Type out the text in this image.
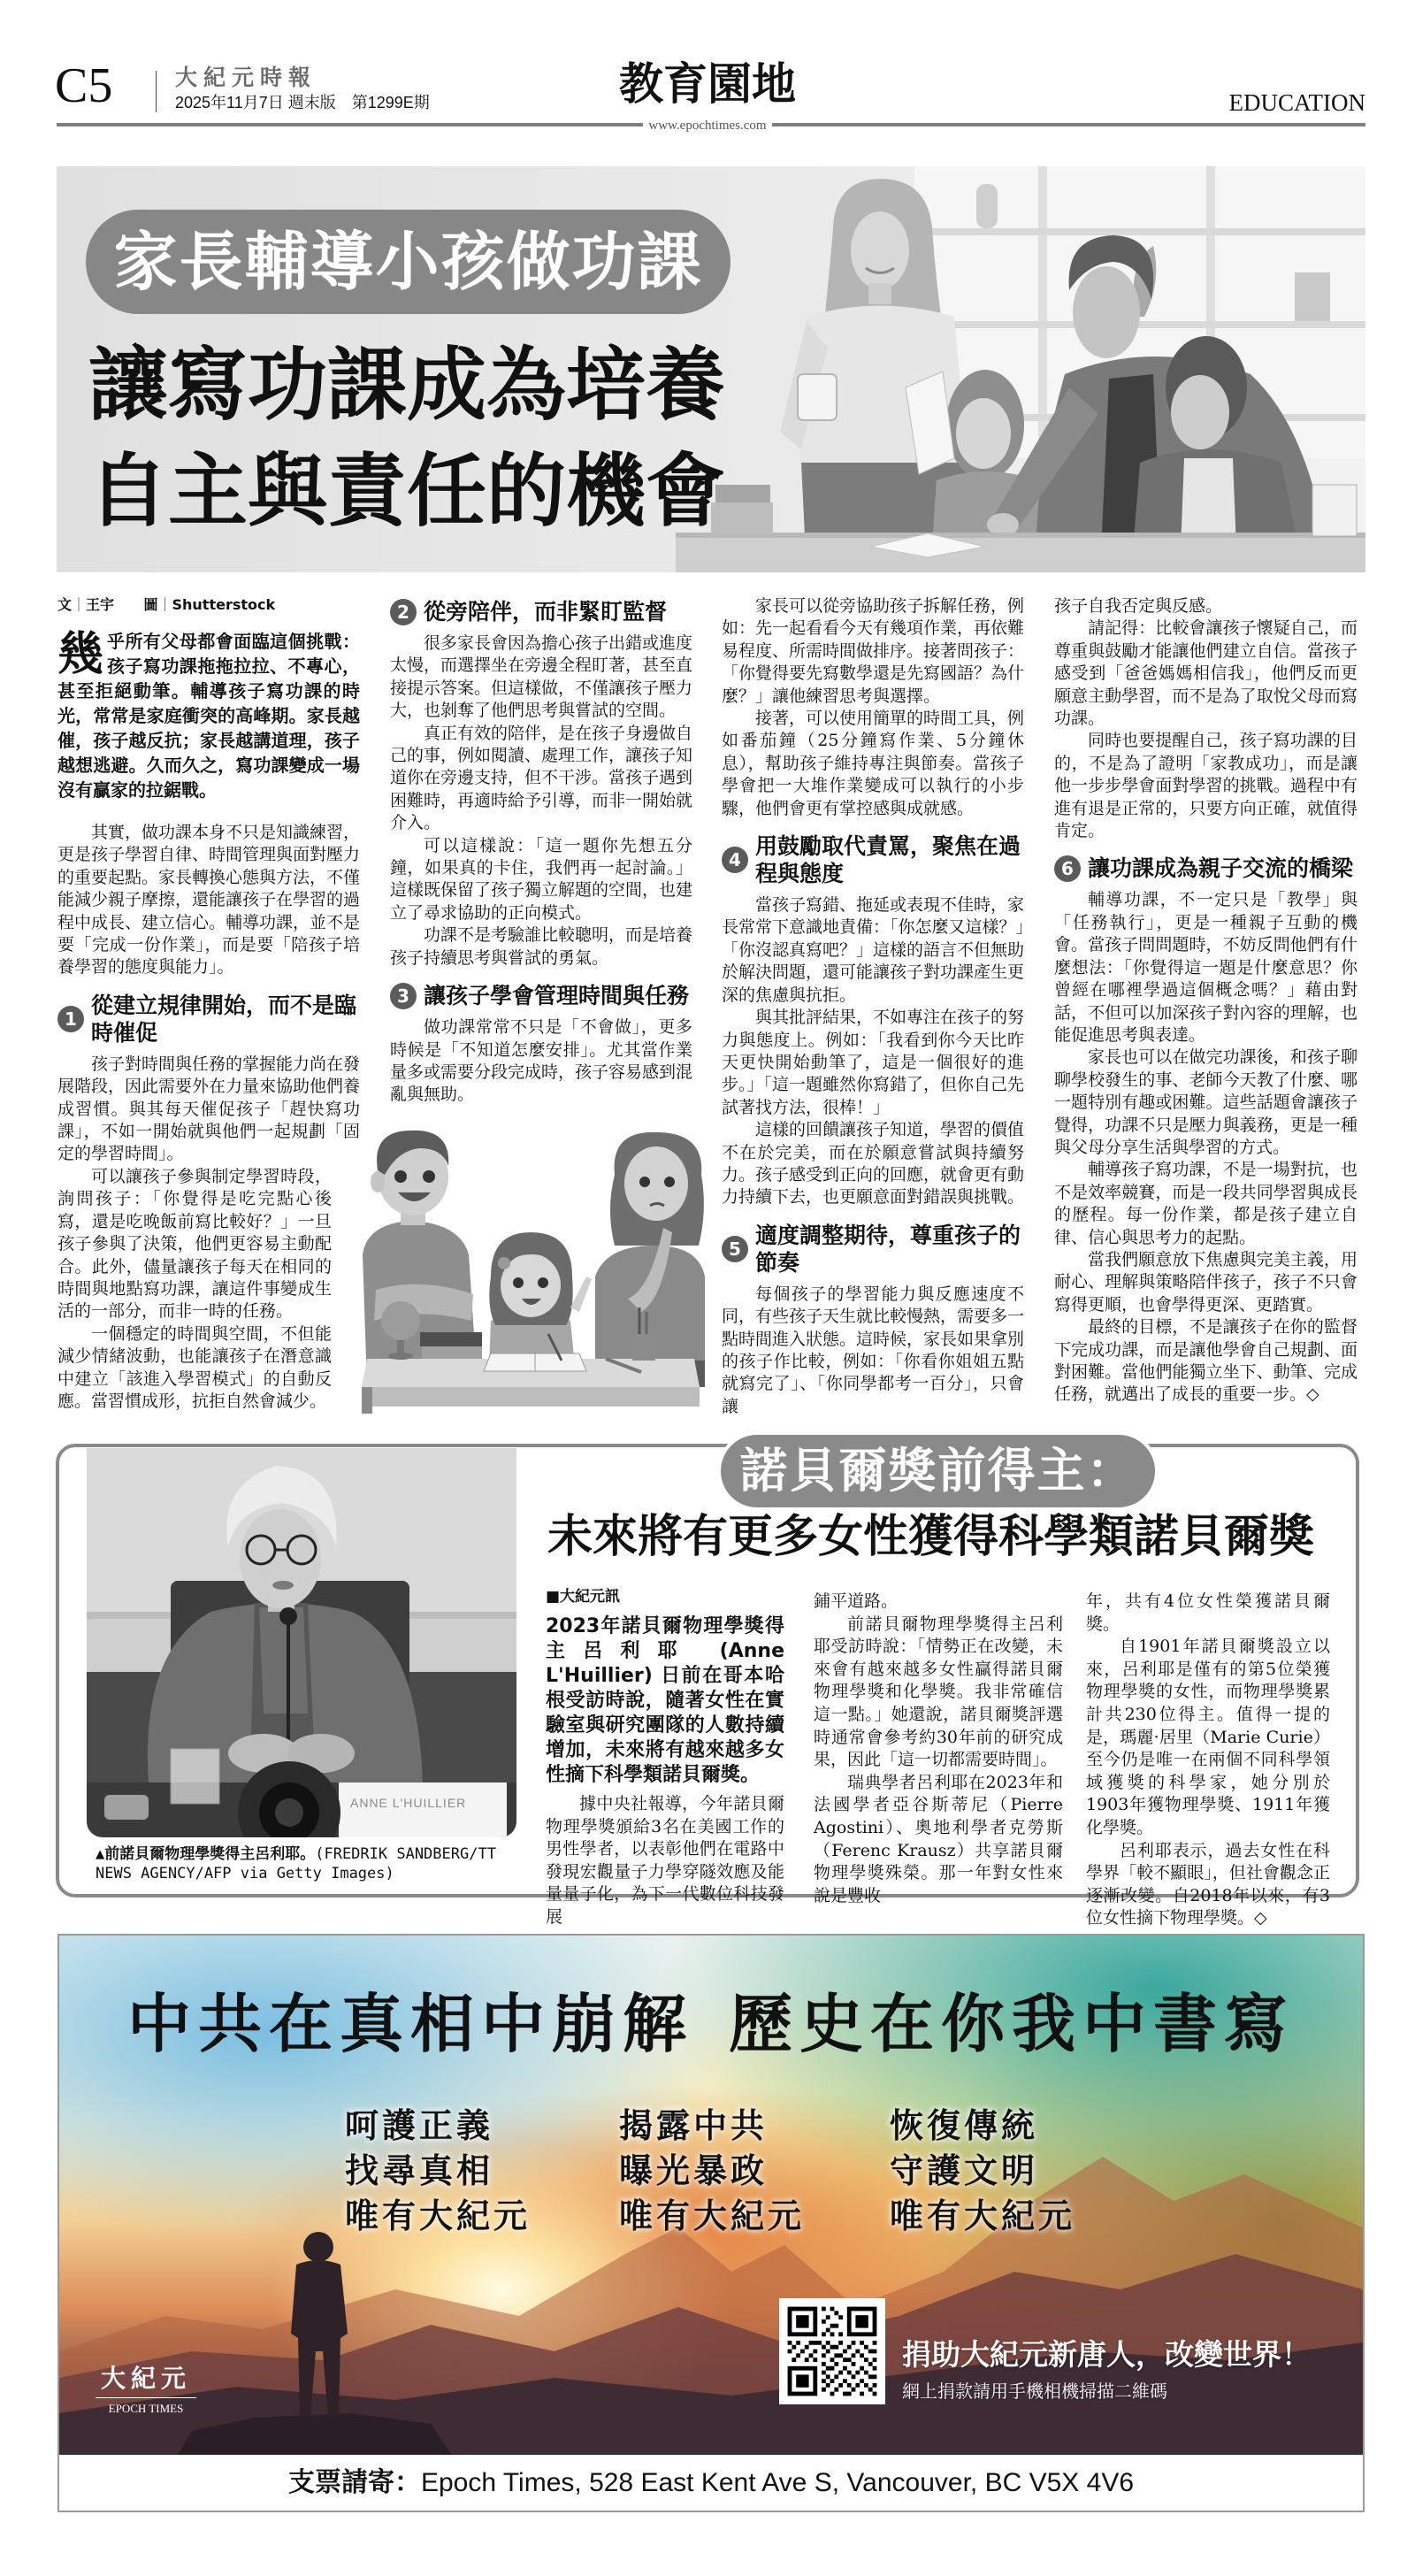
C5	大紀元時報
2025年11月7日 週末版　第1299E期	教育園地	EDUCATION
www.epochtimes.com
家長輔導小孩做功課
讓寫功課成為培養
自主與責任的機會
文｜王宇 圖｜Shutterstock

幾乎所有父母都會面臨這個挑戰：孩子寫功課拖拖拉拉、不專心，甚至拒絕動筆。輔導孩子寫功課的時光，常常是家庭衝突的高峰期。家長越催，孩子越反抗；家長越講道理，孩子越想逃避。久而久之，寫功課變成一場沒有贏家的拉鋸戰。

其實，做功課本身不只是知識練習，更是孩子學習自律、時間管理與面對壓力的重要起點。家長轉換心態與方法，不僅能減少親子摩擦，還能讓孩子在學習的過程中成長、建立信心。輔導功課，並不是要「完成一份作業」，而是要「陪孩子培養學習的態度與能力」。

1
從建立規律開始，而不是臨時催促

孩子對時間與任務的掌握能力尚在發展階段，因此需要外在力量來協助他們養成習慣。與其每天催促孩子「趕快寫功課」，不如一開始就與他們一起規劃「固定的學習時間」。

可以讓孩子參與制定學習時段，詢問孩子：「你覺得是吃完點心後寫，還是吃晚飯前寫比較好？」一旦孩子參與了決策，他們更容易主動配合。此外，儘量讓孩子每天在相同的時間與地點寫功課，讓這件事變成生活的一部分，而非一時的任務。

一個穩定的時間與空間，不但能減少情緒波動，也能讓孩子在潛意識中建立「該進入學習模式」的自動反應。當習慣成形，抗拒自然會減少。

2 從旁陪伴，而非緊盯監督

很多家長會因為擔心孩子出錯或進度太慢，而選擇坐在旁邊全程盯著，甚至直接提示答案。但這樣做，不僅讓孩子壓力大，也剝奪了他們思考與嘗試的空間。

真正有效的陪伴，是在孩子身邊做自己的事，例如閱讀、處理工作，讓孩子知道你在旁邊支持，但不干涉。當孩子遇到困難時，再適時給予引導，而非一開始就介入。

可以這樣說：「這一題你先想五分鐘，如果真的卡住，我們再一起討論。」這樣既保留了孩子獨立解題的空間，也建立了尋求協助的正向模式。

功課不是考驗誰比較聰明，而是培養孩子持續思考與嘗試的勇氣。

3 讓孩子學會管理時間與任務

做功課常常不只是「不會做」，更多時候是「不知道怎麼安排」。尤其當作業量多或需要分段完成時，孩子容易感到混亂與無助。

家長可以從旁協助孩子拆解任務，例如：先一起看看今天有幾項作業，再依難易程度、所需時間做排序。接著問孩子：「你覺得要先寫數學還是先寫國語？為什麼？」讓他練習思考與選擇。

接著，可以使用簡單的時間工具，例如番茄鐘（25分鐘寫作業、5分鐘休息），幫助孩子維持專注與節奏。當孩子學會把一大堆作業變成可以執行的小步驟，他們會更有掌控感與成就感。

4
用鼓勵取代責罵，聚焦在過程與態度

當孩子寫錯、拖延或表現不佳時，家長常常下意識地責備：「你怎麼又這樣？」「你沒認真寫吧？」這樣的語言不但無助於解決問題，還可能讓孩子對功課產生更深的焦慮與抗拒。

與其批評結果，不如專注在孩子的努力與態度上。例如：「我看到你今天比昨天更快開始動筆了，這是一個很好的進步。」「這一題雖然你寫錯了，但你自己先試著找方法，很棒！」

這樣的回饋讓孩子知道，學習的價值不在於完美，而在於願意嘗試與持續努力。孩子感受到正向的回應，就會更有動力持續下去，也更願意面對錯誤與挑戰。

5
適度調整期待，尊重孩子的節奏

每個孩子的學習能力與反應速度不同，有些孩子天生就比較慢熱，需要多一點時間進入狀態。這時候，家長如果拿別的孩子作比較，例如：「你看你姐姐五點就寫完了」、「你同學都考一百分」，只會讓

孩子自我否定與反感。

請記得：比較會讓孩子懷疑自己，而尊重與鼓勵才能讓他們建立自信。當孩子感受到「爸爸媽媽相信我」，他們反而更願意主動學習，而不是為了取悅父母而寫功課。

同時也要提醒自己，孩子寫功課的目的，不是為了證明「家教成功」，而是讓他一步步學會面對學習的挑戰。過程中有進有退是正常的，只要方向正確，就值得肯定。

6 讓功課成為親子交流的橋梁

輔導功課，不一定只是「教學」與「任務執行」，更是一種親子互動的機會。當孩子問問題時，不妨反問他們有什麼想法：「你覺得這一題是什麼意思？你曾經在哪裡學過這個概念嗎？」藉由對話，不但可以加深孩子對內容的理解，也能促進思考與表達。

家長也可以在做完功課後，和孩子聊聊學校發生的事、老師今天教了什麼、哪一題特別有趣或困難。這些話題會讓孩子覺得，功課不只是壓力與義務，更是一種與父母分享生活與學習的方式。

輔導孩子寫功課，不是一場對抗，也不是效率競賽，而是一段共同學習與成長的歷程。每一份作業，都是孩子建立自律、信心與思考力的起點。

當我們願意放下焦慮與完美主義，用耐心、理解與策略陪伴孩子，孩子不只會寫得更順，也會學得更深、更踏實。

最終的目標，不是讓孩子在你的監督下完成功課，而是讓他學會自己規劃、面對困難。當他們能獨立坐下、動筆、完成任務，就邁出了成長的重要一步。◇

諾貝爾獎前得主：
未來將有更多女性獲得科學類諾貝爾獎
ANNE L'HUILLIER
▲前諾貝爾物理學獎得主呂利耶。(FREDRIK SANDBERG/TT NEWS AGENCY/AFP via Getty Images)
■大紀元訊

2023年諾貝爾物理學獎得主呂利耶 (Anne L'Huillier) 日前在哥本哈根受訪時說，隨著女性在實驗室與研究團隊的人數持續增加，未來將有越來越多女性摘下科學類諾貝爾獎。

據中央社報導，今年諾貝爾物理學獎頒給3名在美國工作的男性學者，以表彰他們在電路中發現宏觀量子力學穿隧效應及能量量子化，為下一代數位科技發展

鋪平道路。

前諾貝爾物理學獎得主呂利耶受訪時說：「情勢正在改變，未來會有越來越多女性贏得諾貝爾物理學獎和化學獎。我非常確信這一點。」她還說，諾貝爾獎評選時通常會參考約30年前的研究成果，因此「這一切都需要時間」。

瑞典學者呂利耶在2023年和法國學者亞谷斯蒂尼（Pierre Agostini）、奧地利學者克勞斯（Ferenc Krausz）共享諾貝爾物理學獎殊榮。那一年對女性來說是豐收

年，共有4位女性榮獲諾貝爾獎。

自1901年諾貝爾獎設立以來，呂利耶是僅有的第5位榮獲物理學獎的女性，而物理學獎累計共230位得主。值得一提的是，瑪麗·居里（Marie Curie）至今仍是唯一在兩個不同科學領域獲獎的科學家，她分別於1903年獲物理學獎、1911年獲化學獎。

呂利耶表示，過去女性在科學界「較不顯眼」，但社會觀念正逐漸改變。自2018年以來，有3位女性摘下物理學獎。◇

中共在真相中崩解 歷史在你我中書寫
呵護正義
找尋真相
唯有大紀元
揭露中共
曝光暴政
唯有大紀元
恢復傳統
守護文明
唯有大紀元
大紀元
EPOCH TIMES
捐助大紀元新唐人，改變世界！
網上捐款請用手機相機掃描二維碼
支票請寄：Epoch Times, 528 East Kent Ave S, Vancouver, BC V5X 4V6
